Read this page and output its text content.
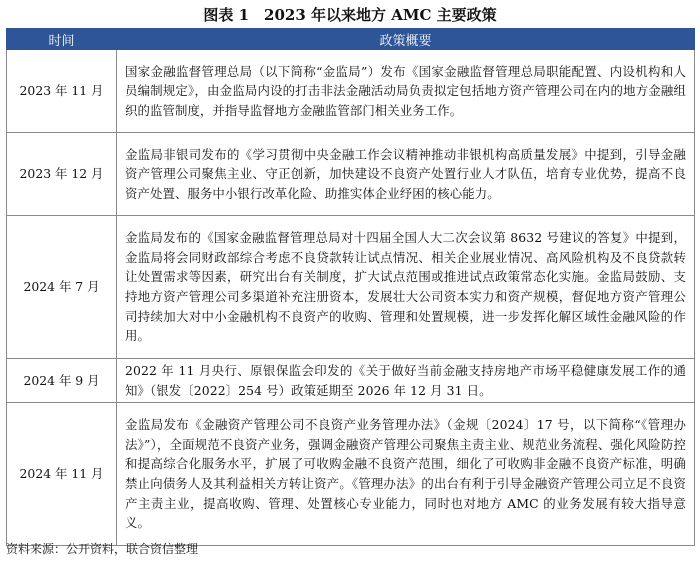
图表 1　2023 年以来地方 AMC 主要政策
时间	政策概要
2023 年 11 月	国家金融监督管理总局（以下简称“金监局”）发布《国家金融监督管理总局职能配置、内设机构和人员编制规定》，由金监局内设的打击非法金融活动局负责拟定包括地方资产管理公司在内的地方金融组织的监管制度，并指导监督地方金融监管部门相关业务工作。
2023 年 12 月	金监局非银司发布的《学习贯彻中央金融工作会议精神推动非银机构高质量发展》中提到，引导金融资产管理公司聚焦主业、守正创新，加快建设不良资产处置行业人才队伍，培育专业优势，提高不良资产处置、服务中小银行改革化险、助推实体企业纾困的核心能力。
2024 年 7 月	金监局发布的《国家金融监督管理总局对十四届全国人大二次会议第 8632 号建议的答复》中提到，金监局将会同财政部综合考虑不良贷款转让试点情况、相关企业展业情况、高风险机构及不良贷款转让处置需求等因素，研究出台有关制度，扩大试点范围或推进试点政策常态化实施。金监局鼓励、支持地方资产管理公司多渠道补充注册资本，发展壮大公司资本实力和资产规模，督促地方资产管理公司持续加大对中小金融机构不良资产的收购、管理和处置规模，进一步发挥化解区域性金融风险的作用。
2024 年 9 月	2022 年 11 月央行、原银保监会印发的《关于做好当前金融支持房地产市场平稳健康发展工作的通知》（银发〔2022〕254 号）政策延期至 2026 年 12 月 31 日。
2024 年 11 月	金监局发布《金融资产管理公司不良资产业务管理办法》（金规〔2024〕17 号，以下简称“《管理办法》”），全面规范不良资产业务，强调金融资产管理公司聚焦主责主业、规范业务流程、强化风险防控和提高综合化服务水平，扩展了可收购金融不良资产范围，细化了可收购非金融不良资产标准，明确禁止向债务人及其利益相关方转让资产。《管理办法》的出台有利于引导金融资产管理公司立足不良资产主责主业，提高收购、管理、处置核心专业能力，同时也对地方 AMC 的业务发展有较大指导意义。
资料来源：公开资料，联合资信整理
